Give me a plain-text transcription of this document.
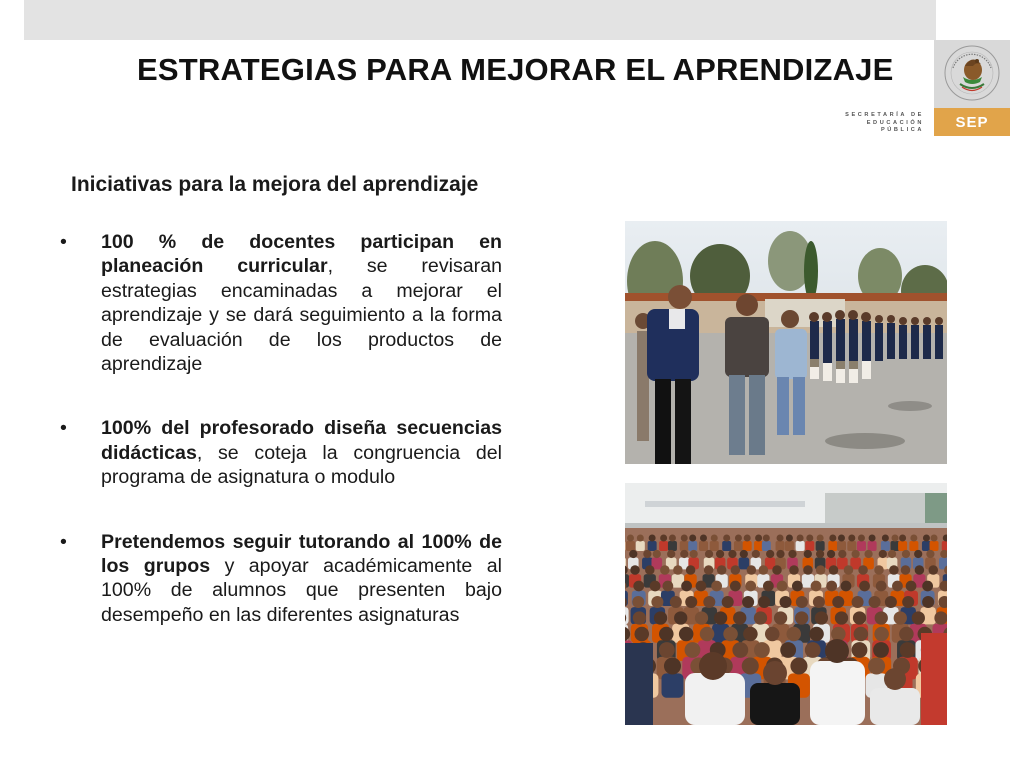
ESTRATEGIAS PARA MEJORAR EL APRENDIZAJE
SECRETARÍA DE
EDUCACIÓN PÚBLICA	SEP
Iniciativas para la mejora del aprendizaje
• 100 % de docentes participan en planeación curricular, se revisaran estrategias encaminadas a mejorar el aprendizaje y se dará seguimiento a la forma de evaluación de los productos de aprendizaje
• 100% del profesorado diseña secuencias didácticas, se coteja la congruencia del programa de asignatura o modulo
• Pretendemos seguir tutorando al 100% de los grupos y apoyar académicamente al 100% de alumnos que presenten bajo desempeño en las diferentes asignaturas
